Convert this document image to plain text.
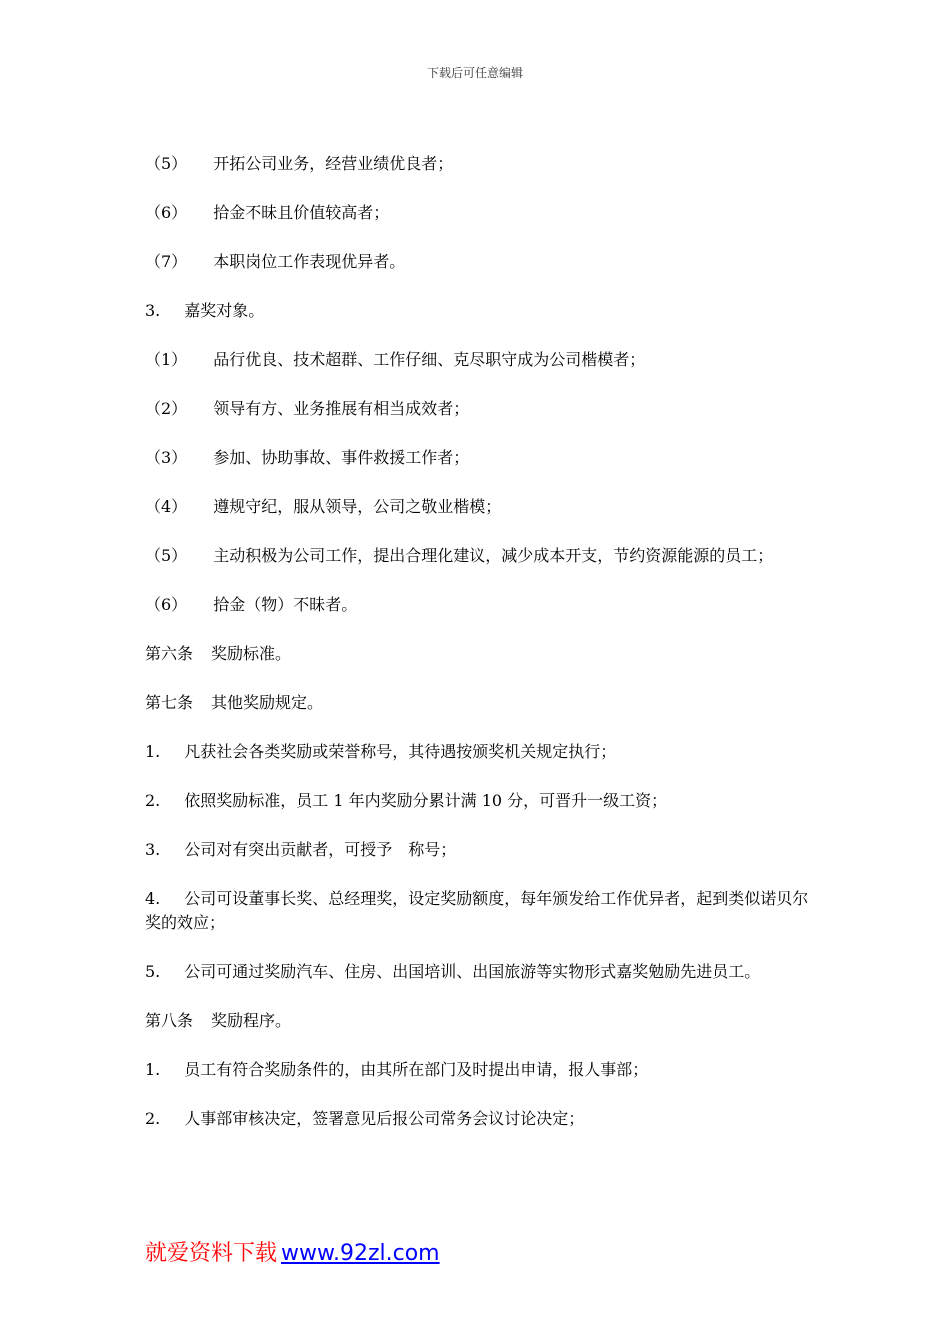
下载后可任意编辑

（5） 开拓公司业务，经营业绩优良者；

（6） 拾金不昧且价值较高者；

（7） 本职岗位工作表现优异者。

3. 嘉奖对象。

（1） 品行优良、技术超群、工作仔细、克尽职守成为公司楷模者；

（2） 领导有方、业务推展有相当成效者；

（3） 参加、协助事故、事件救援工作者；

（4） 遵规守纪，服从领导，公司之敬业楷模；

（5） 主动积极为公司工作，提出合理化建议，减少成本开支，节约资源能源的员工；

（6） 拾金（物）不昧者。

第六条 奖励标准。

第七条 其他奖励规定。

1. 凡获社会各类奖励或荣誉称号，其待遇按颁奖机关规定执行；

2. 依照奖励标准，员工 1 年内奖励分累计满 10 分，可晋升一级工资；

3. 公司对有突出贡献者，可授予　称号；

4. 公司可设董事长奖、总经理奖，设定奖励额度，每年颁发给工作优异者，起到类似诺贝尔奖的效应；

5. 公司可通过奖励汽车、住房、出国培训、出国旅游等实物形式嘉奖勉励先进员工。

第八条 奖励程序。

1. 员工有符合奖励条件的，由其所在部门及时提出申请，报人事部；

2. 人事部审核决定，签署意见后报公司常务会议讨论决定；

就爱资料下载 www.92zl.com
